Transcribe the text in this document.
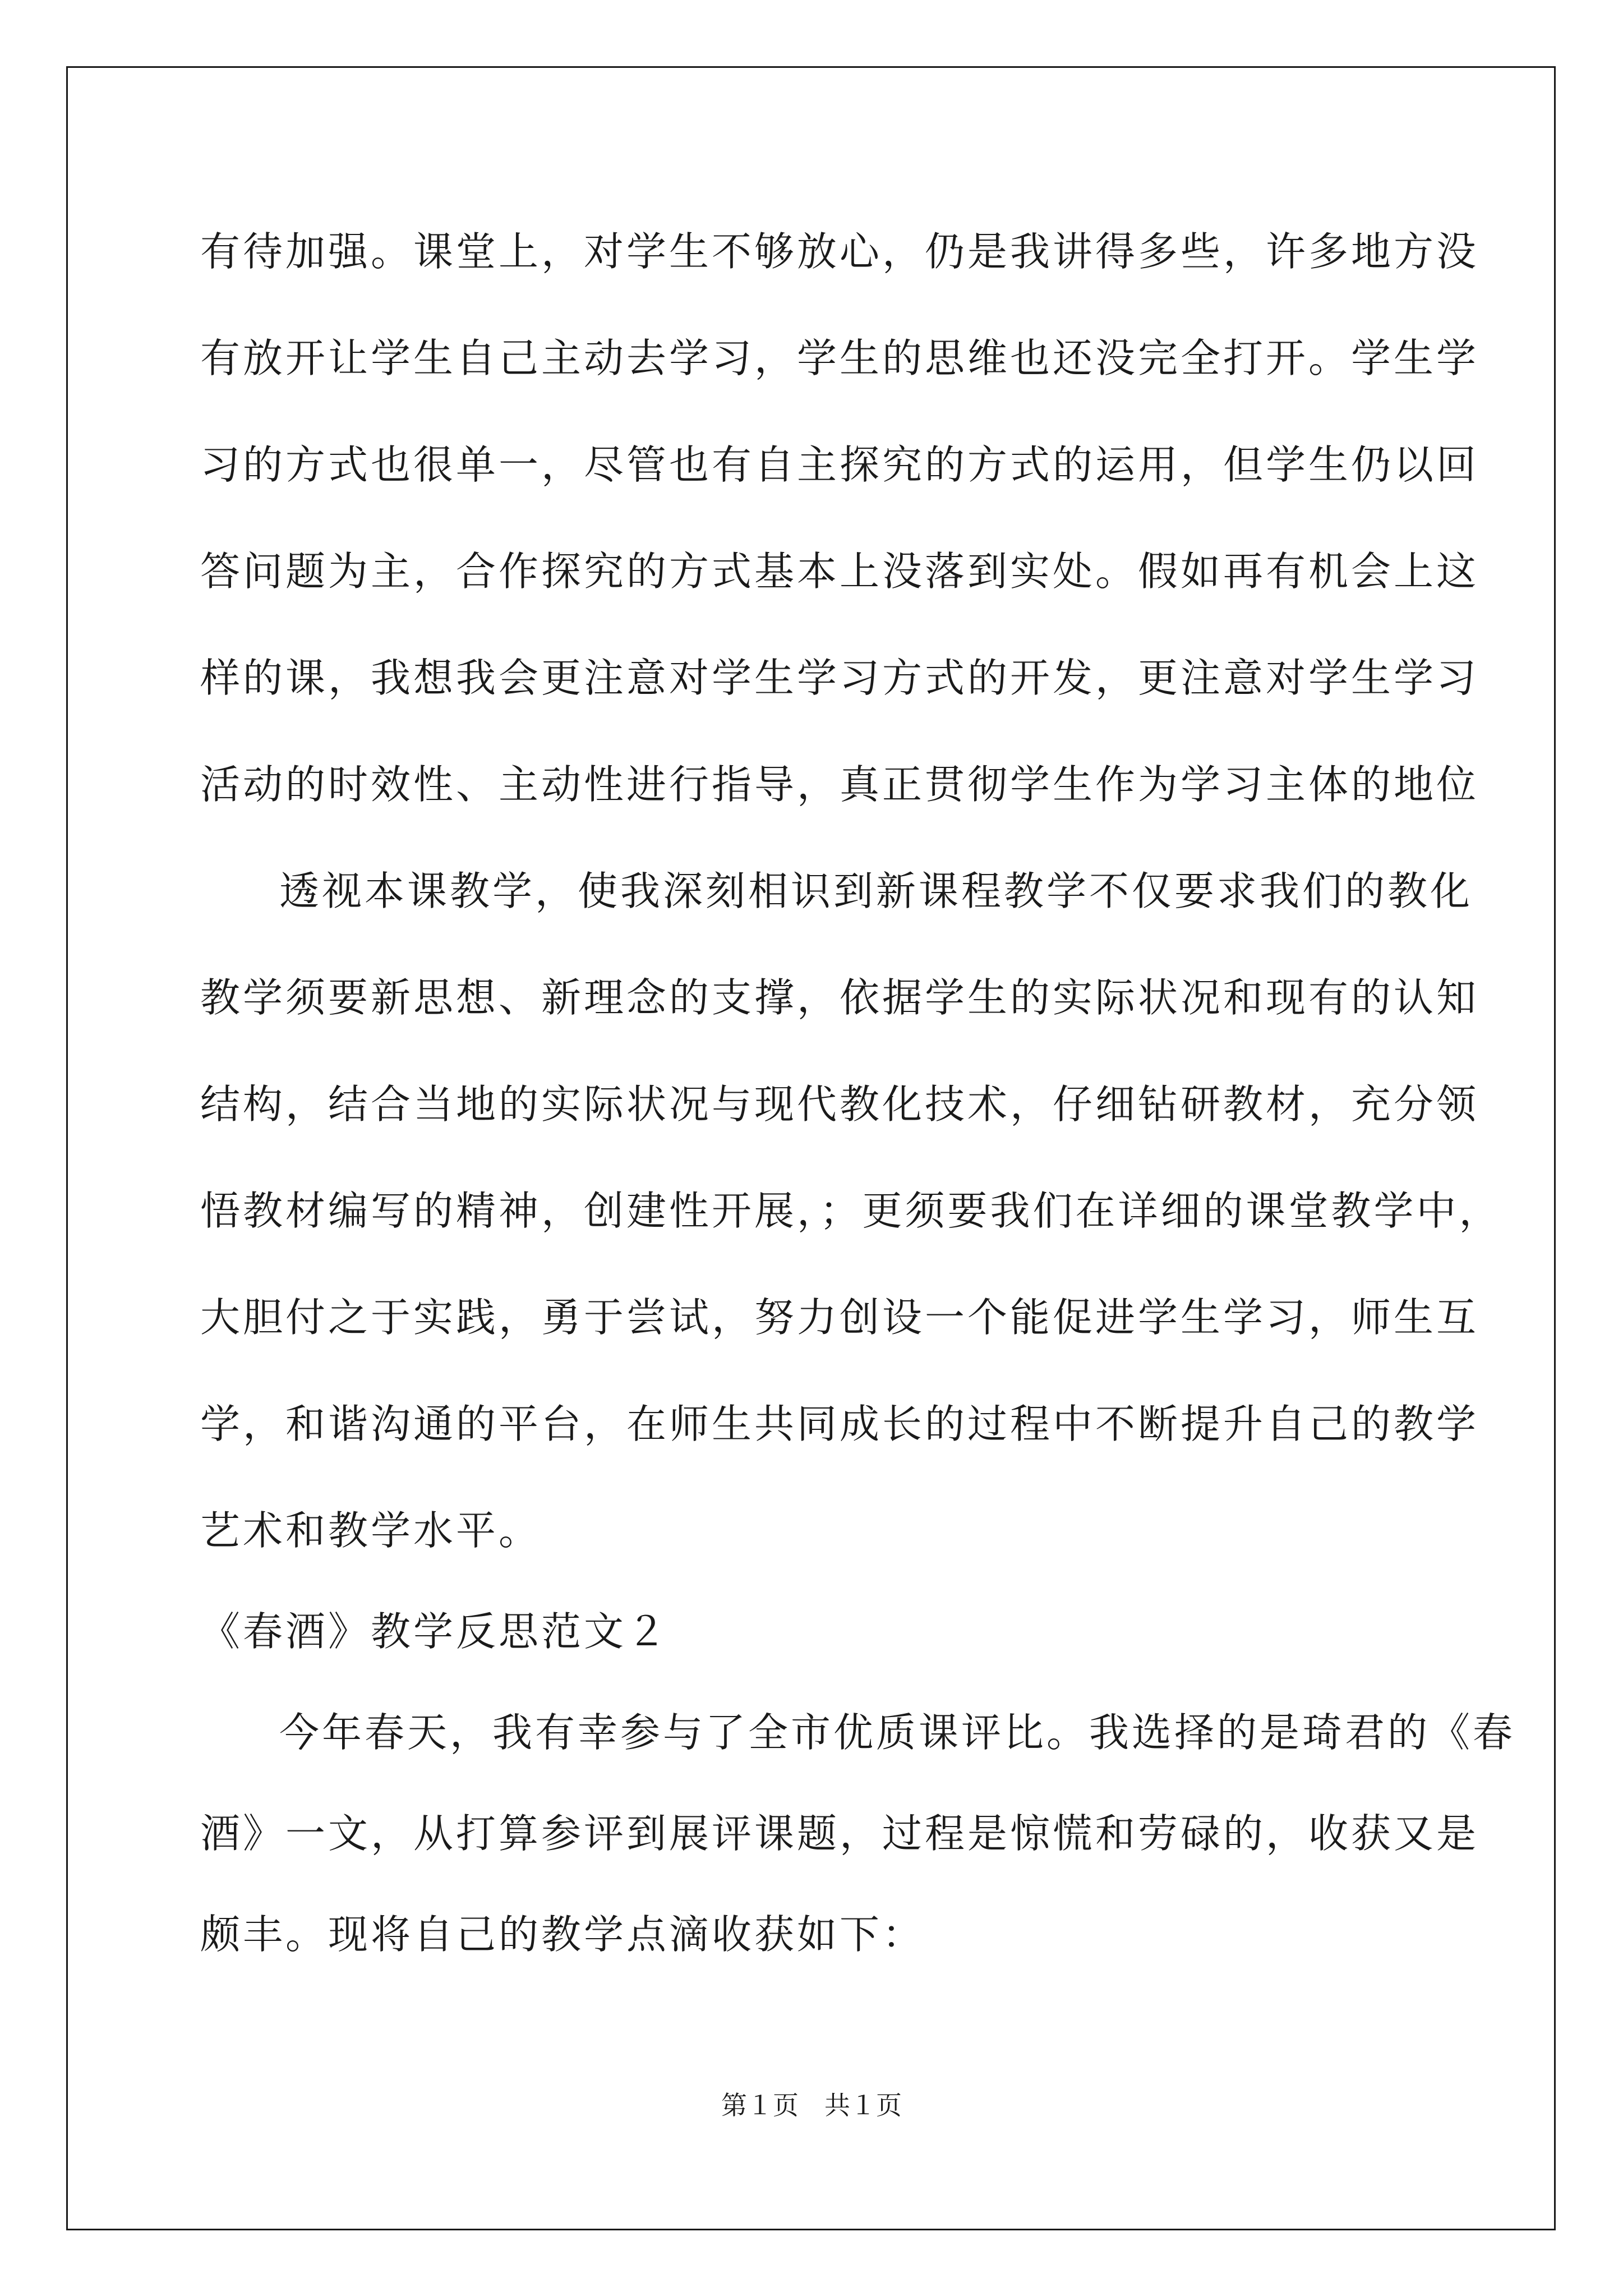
有待加强。课堂上，对学生不够放心，仍是我讲得多些，许多地方没

有放开让学生自己主动去学习，学生的思维也还没完全打开。学生学

习的方式也很单一，尽管也有自主探究的方式的运用，但学生仍以回

答问题为主，合作探究的方式基本上没落到实处。假如再有机会上这

样的课，我想我会更注意对学生学习方式的开发，更注意对学生学习

活动的时效性、主动性进行指导，真正贯彻学生作为学习主体的地位

透视本课教学，使我深刻相识到新课程教学不仅要求我们的教化

教学须要新思想、新理念的支撑，依据学生的实际状况和现有的认知

结构，结合当地的实际状况与现代教化技术，仔细钻研教材，充分领

悟教材编写的精神，创建性开展，；更须要我们在详细的课堂教学中，

大胆付之于实践，勇于尝试，努力创设一个能促进学生学习，师生互

学，和谐沟通的平台，在师生共同成长的过程中不断提升自己的教学

艺术和教学水平。

《春酒》教学反思范文２

今年春天，我有幸参与了全市优质课评比。我选择的是琦君的《春

酒》一文，从打算参评到展评课题，过程是惊慌和劳碌的，收获又是

颇丰。现将自己的教学点滴收获如下：

第１页　共１页
